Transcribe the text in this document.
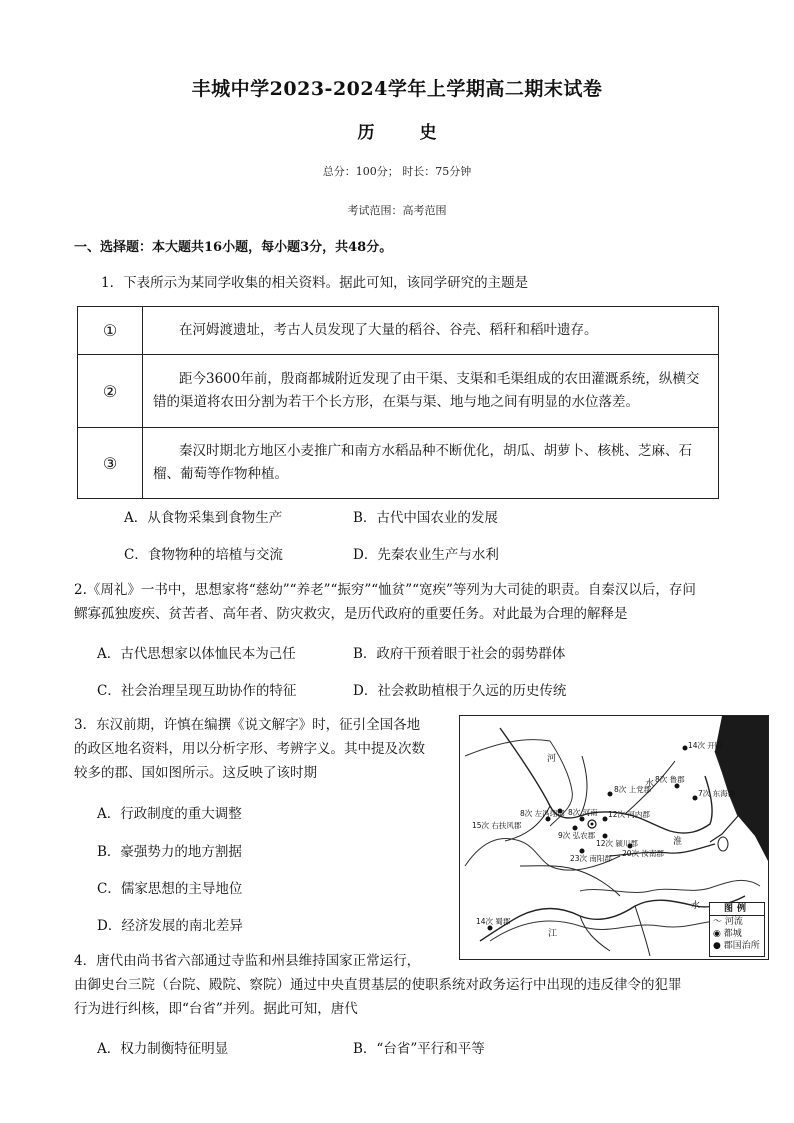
丰城中学2023-2024学年上学期高二期末试卷
历　史
总分：100分； 时长：75分钟
考试范围：高考范围
一、选择题：本大题共16小题，每小题3分，共48分。
1．下表所示为某同学收集的相关资料。据此可知，该同学研究的主题是
①	在河姆渡遗址，考古人员发现了大量的稻谷、谷壳、稻秆和稻叶遗存。
②	距今3600年前，殷商都城附近发现了由干渠、支渠和毛渠组成的农田灌溉系统，纵横交错的渠道将农田分割为若干个长方形，在渠与渠、地与地之间有明显的水位落差。
③	秦汉时期北方地区小麦推广和南方水稻品种不断优化，胡瓜、胡萝卜、核桃、芝麻、石榴、葡萄等作物种植。
A．从食物采集到食物生产	B．古代中国农业的发展
C．食物物种的培植与交流	D．先秦农业生产与水利
2.《周礼》一书中，思想家将“慈幼”“养老”“振穷”“恤贫”“宽疾”等列为大司徒的职责。自秦汉以后，存问
鳏寡孤独废疾、贫苦者、高年者、防灾救灾，是历代政府的重要任务。对此最为合理的解释是
A．古代思想家以体恤民本为己任	B．政府干预着眼于社会的弱势群体
C．社会治理呈现互助协作的特征	D．社会救助植根于久远的历史传统
3．东汉前期，许慎在编撰《说文解字》时，征引全国各地
的政区地名资料，用以分析字形、考辨字义。其中提及次数
较多的郡、国如图所示。这反映了该时期
A．行政制度的重大调整
B．豪强势力的地方割据
C．儒家思想的主导地位
D．经济发展的南北差异
河
江
水
淮
水
14次 开阳
8次 上党郡
8次 鲁郡
7次 东海郡
8次 左冯翊郡
15次 右扶风郡
9次 弘农郡
12次 河内郡
8次 河南
12次 颍川郡
23次 南阳郡
20次 汝南郡
14次 蜀郡
图例
～ 河流
◉ 都城
● 郡国治所
4．唐代由尚书省六部通过寺监和州县维持国家正常运行，
由御史台三院（台院、殿院、察院）通过中央直贯基层的使职系统对政务运行中出现的违反律令的犯罪
行为进行纠核，即“台省”并列。据此可知，唐代
A．权力制衡特征明显	B．“台省”平行和平等
